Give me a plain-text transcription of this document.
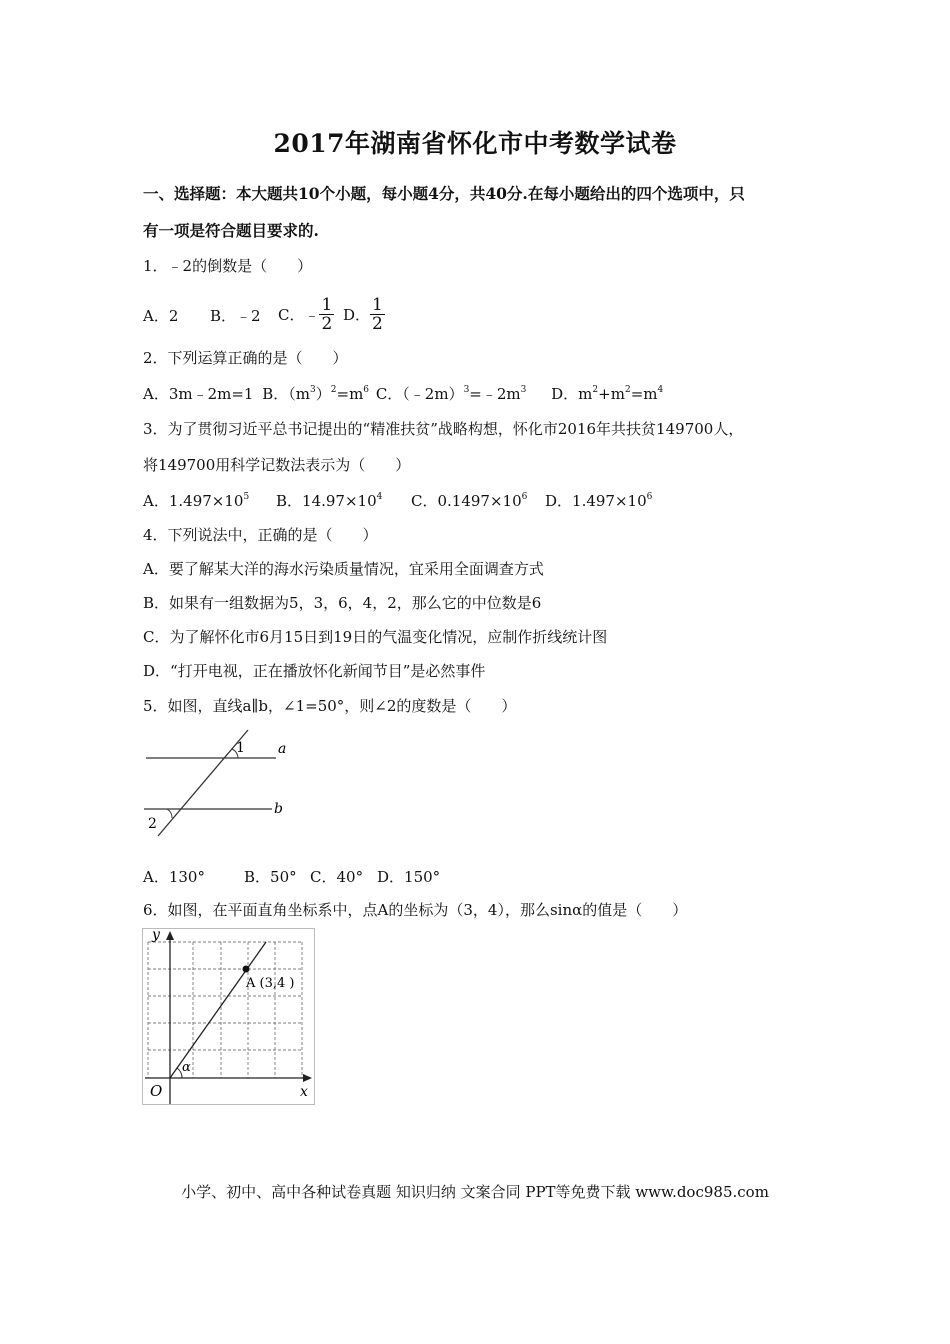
2017年湖南省怀化市中考数学试卷
一、选择题：本大题共10个小题，每小题4分，共40分.在每小题给出的四个选项中，只
有一项是符合题目要求的.
1．﹣2的倒数是（　　）
A．2 B．﹣2 C．﹣ $\frac{1}{2}$ D． $\frac{1}{2}$
2．下列运算正确的是（　　）
A．3m﹣2m=1 B．$(m^3)^2=m^6$ C．$(﹣2m)^3=﹣2m^3$ D．$m^2+m^2=m^4$
3．为了贯彻习近平总书记提出的“精准扶贫”战略构想，怀化市2016年共扶贫149700人，
将149700用科学记数法表示为（　　）
A．$1.497\times 10^5$ B．$14.97\times 10^4$ C．$0.1497\times 10^6$ D．$1.497\times 10^6$
4．下列说法中，正确的是（　　）
A．要了解某大洋的海水污染质量情况，宜采用全面调查方式
B．如果有一组数据为5，3，6，4，2，那么它的中位数是6
C．为了解怀化市6月15日到19日的气温变化情况，应制作折线统计图
D．“打开电视，正在播放怀化新闻节目”是必然事件
5．如图，直线a∥b，∠1=50°，则∠2的度数是（　　）
1
2
a
b
A．130°	B．50° C．40° D．150°
6．如图，在平面直角坐标系中，点A的坐标为（3，4），那么sinα的值是（　　）
y
x
O
α
A (3,4 )
小学、初中、高中各种试卷真题 知识归纳 文案合同 PPT等免费下载 www.doc985.com
